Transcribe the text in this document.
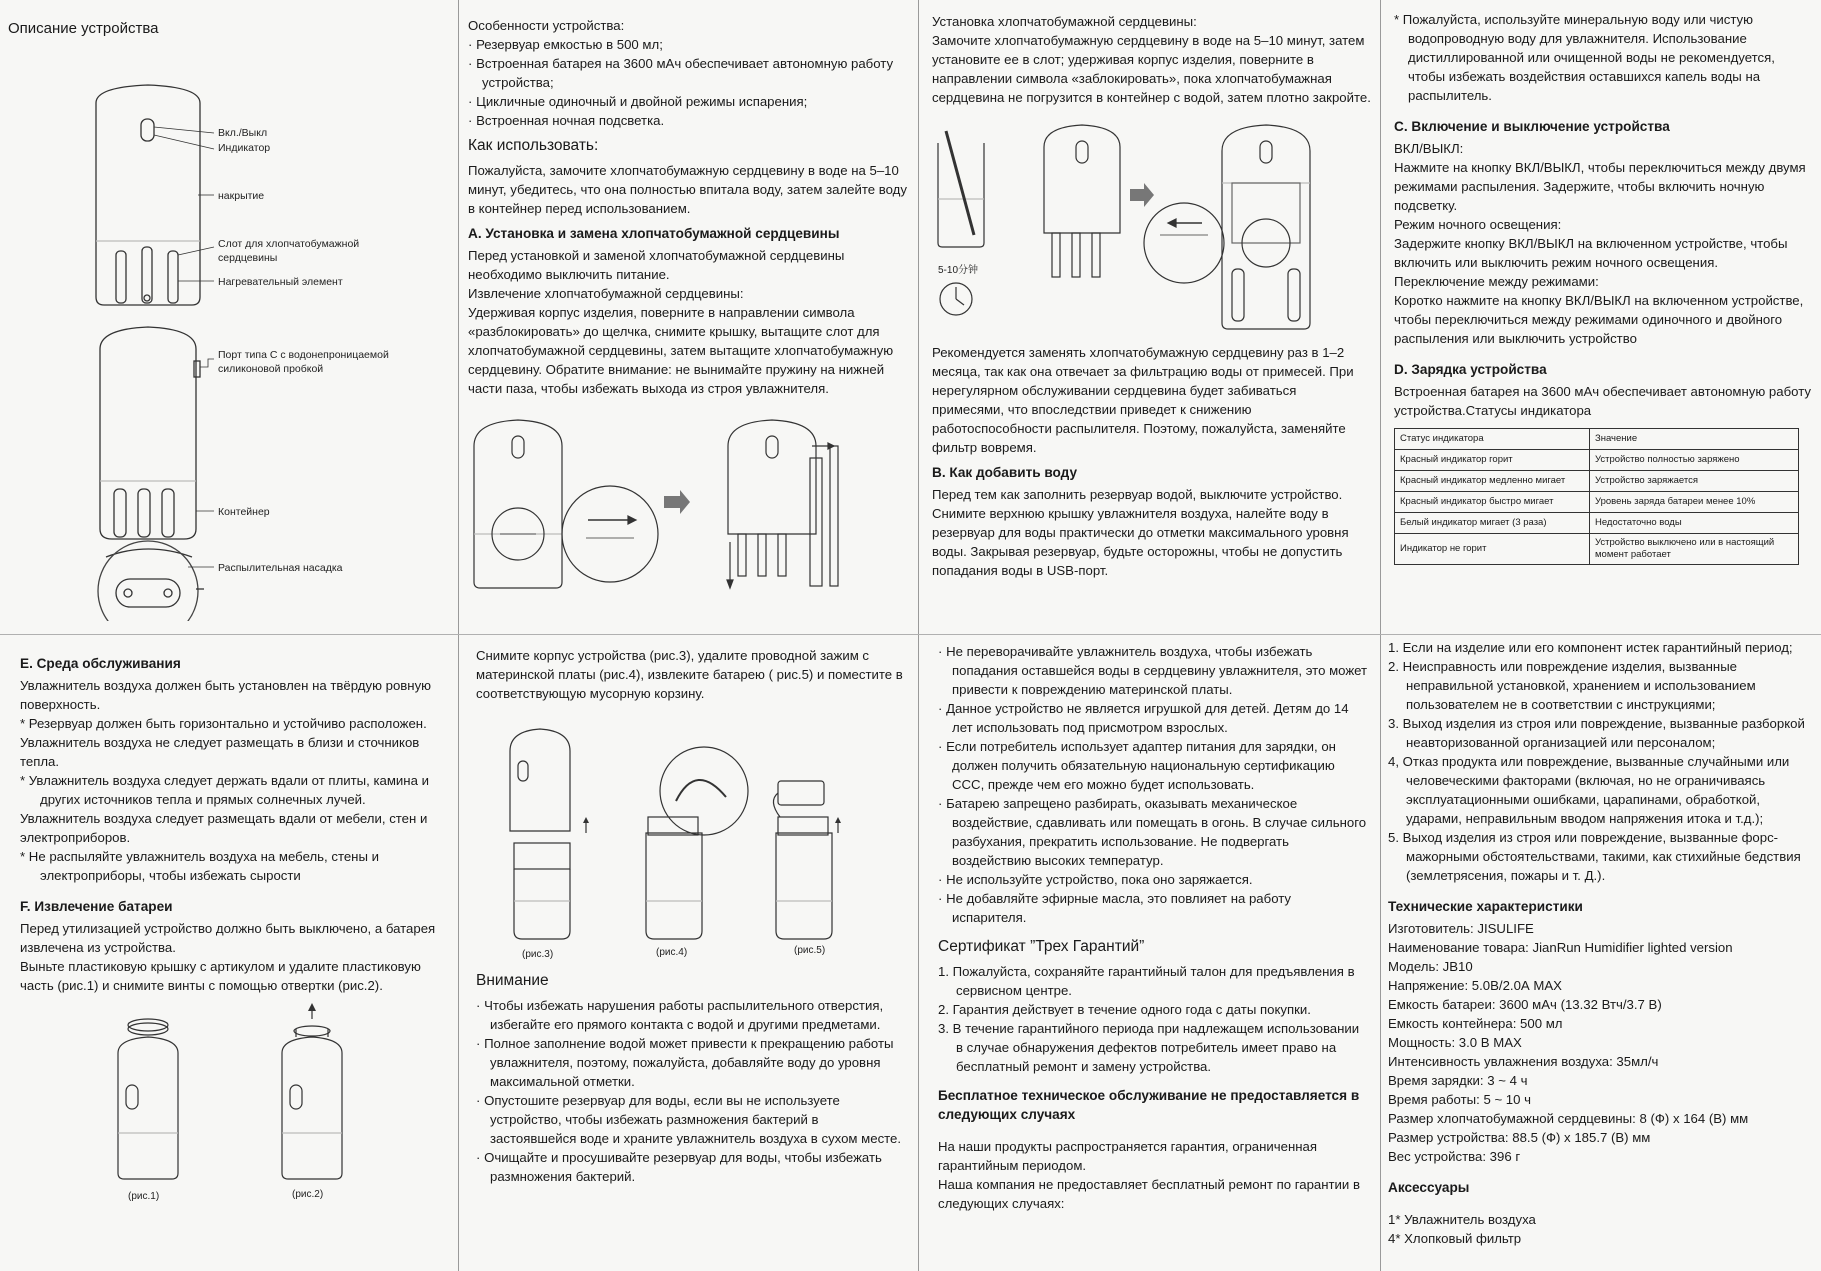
Описание устройства
Вкл./Выкл
Индикатор
накрытие
Слот для хлопчатобумажной
сердцевины
Нагревательный элемент
Порт типа С с водонепроницаемой
силиконовой пробкой
Контейнер
Распылительная насадка

Особенности устройства:

· Резервуар емкостью в 500 мл;

· Встроенная батарея на 3600 мАч обеспечивает автономную работу устройства;

· Цикличные одиночный и двойной режимы испарения;

· Встроенная ночная подсветка.

Как использовать:

Пожалуйста, замочите хлопчатобумажную сердцевину в воде на 5–10 минут, убедитесь, что она полностью впитала воду, затем залейте воду в контейнер перед использованием.

A. Установка и замена хлопчатобумажной сердцевины

Перед установкой и заменой хлопчатобумажной сердцевины необходимо выключить питание.

Извлечение хлопчатобумажной сердцевины:

Удерживая корпус изделия, поверните в направлении символа «разблокировать» до щелчка, снимите крышку, вытащите слот для хлопчатобумажной сердцевины, затем вытащите хлопчатобумажную сердцевину. Обратите внимание: не вынимайте пружину на нижней части паза, чтобы избежать выхода из строя увлажнителя.

Установка хлопчатобумажной сердцевины:

Замочите хлопчатобумажную сердцевину в воде на 5–10 минут, затем установите ее в слот; удерживая корпус изделия, поверните в направлении символа «заблокировать», пока хлопчатобумажная сердцевина не погрузится в контейнер с водой, затем плотно закройте.

5-10分钟

Рекомендуется заменять хлопчатобумажную сердцевину раз в 1–2 месяца, так как она отвечает за фильтрацию воды от примесей. При нерегулярном обслуживании сердцевина будет забиваться примесями, что впоследствии приведет к снижению работоспособности распылителя. Поэтому, пожалуйста, заменяйте фильтр вовремя.

B. Как добавить воду

Перед тем как заполнить резервуар водой, выключите устройство.

Снимите верхнюю крышку увлажнителя воздуха, налейте воду в резервуар для воды практически до отметки максимального уровня воды. Закрывая резервуар, будьте осторожны, чтобы не допустить попадания воды в USB-порт.

* Пожалуйста, используйте минеральную воду или чистую водопроводную воду для увлажнителя. Использование дистиллированной или очищенной воды не рекомендуется, чтобы избежать воздействия оставшихся капель воды на распылитель.

C. Включение и выключение устройства

ВКЛ/ВЫКЛ:

Нажмите на кнопку ВКЛ/ВЫКЛ, чтобы переключиться между двумя режимами распыления. Задержите, чтобы включить ночную подсветку.

Режим ночного освещения:

Задержите кнопку ВКЛ/ВЫКЛ на включенном устройстве, чтобы включить или выключить режим ночного освещения.

Переключение между режимами:

Коротко нажмите на кнопку ВКЛ/ВЫКЛ на включенном устройстве, чтобы переключиться между режимами одиночного и двойного распыления или выключить устройство

D. Зарядка устройства

Встроенная батарея на 3600 мАч обеспечивает автономную работу устройства.Статусы индикатора

Статус индикатора	Значение
Красный индикатор горит	Устройство полностью заряжено
Красный индикатор медленно мигает	Устройство заряжается
Красный индикатор быстро мигает	Уровень заряда батареи менее 10%
Белый индикатор мигает (3 раза)	Недостаточно воды
Индикатор не горит	Устройство выключено или в настоящий момент работает
E. Среда обслуживания

Увлажнитель воздуха должен быть установлен на твёрдую ровную поверхность.

* Резервуар должен быть горизонтально и устойчиво расположен.

Увлажнитель воздуха не следует размещать в близи и сточников тепла.

* Увлажнитель воздуха следует держать вдали от плиты, камина и других источников тепла и прямых солнечных лучей.

Увлажнитель воздуха следует размещать вдали от мебели, стен и электроприборов.

* Не распыляйте увлажнитель воздуха на мебель, стены и электроприборы, чтобы избежать сырости

F. Извлечение батареи

Перед утилизацией устройство должно быть выключено, а батарея извлечена из устройства.

Выньте пластиковую крышку с артикулом и удалите пластиковую часть (рис.1) и снимите винты с помощью отвертки (рис.2).

(рис.1)	(рис.2)

Снимите корпус устройства (рис.3), удалите проводной зажим с материнской платы (рис.4), извлеките батарею ( рис.5) и поместите в соответствующую мусорную корзину.

(рис.3)	(рис.4)	(рис.5)
Внимание

· Чтобы избежать нарушения работы распылительного отверстия, избегайте его прямого контакта с водой и другими предметами.

· Полное заполнение водой может привести к прекращению работы увлажнителя, поэтому, пожалуйста, добавляйте воду до уровня максимальной отметки.

· Опустошите резервуар для воды, если вы не используете устройство, чтобы избежать размножения бактерий в застоявшейся воде и храните увлажнитель воздуха в сухом месте.

· Очищайте и просушивайте резервуар для воды, чтобы избежать размножения бактерий.

· Не переворачивайте увлажнитель воздуха, чтобы избежать попадания оставшейся воды в сердцевину увлажнителя, это может привести к повреждению материнской платы.

· Данное устройство не является игрушкой для детей. Детям до 14 лет использовать под присмотром взрослых.

· Если потребитель использует адаптер питания для зарядки, он должен получить обязательную национальную сертификацию CCC, прежде чем его можно будет использовать.

· Батарею запрещено разбирать, оказывать механическое воздействие, сдавливать или помещать в огонь. В случае сильного разбухания, прекратить использование. Не подвергать воздействию высоких температур.

· Не используйте устройство, пока оно заряжается.

· Не добавляйте эфирные масла, это повлияет на работу испарителя.

Сертификат ”Трех Гарантий”

1. Пожалуйста, сохраняйте гарантийный талон для предъявления в сервисном центре.

2. Гарантия действует в течение одного года с даты покупки.

3. В течение гарантийного периода при надлежащем использовании в случае обнаружения дефектов потребитель имеет право на бесплатный ремонт и замену устройства.

Бесплатное техническое обслуживание не предоставляется в следующих случаях

На наши продукты распространяется гарантия, ограниченная гарантийным периодом.

Наша компания не предоставляет бесплатный ремонт по гарантии в следующих случаях:

1. Если на изделие или его компонент истек гарантийный период;

2. Неисправность или повреждение изделия, вызванные неправильной установкой, хранением и использованием пользователем не в соответствии с инструкциями;

3. Выход изделия из строя или повреждение, вызванные разборкой неавторизованной организацией или персоналом;

4, Отказ продукта или повреждение, вызванные случайными или человеческими факторами (включая, но не ограничиваясь эксплуатационными ошибками, царапинами, обработкой, ударами, неправильным вводом напряжения итока и т.д.);

5. Выход изделия из строя или повреждение, вызванные форс-мажорными обстоятельствами, такими, как стихийные бедствия (землетрясения, пожары и т. Д.).

Технические характеристики

Изготовитель: JISULIFE

Наименование товара: JianRun Humidifier lighted version

Модель: JB10

Напряжение: 5.0В/2.0А MAX

Емкость батареи: 3600 мАч (13.32 Втч/3.7 В)

Емкость контейнера: 500 мл

Мощность: 3.0 В MAX

Интенсивность увлажнения воздуха: 35мл/ч

Время зарядки: 3 ~ 4 ч

Время работы: 5 ~ 10 ч

Размер хлопчатобумажной сердцевины: 8 (Ф) х 164 (В) мм

Размер устройства: 88.5 (Ф) х 185.7 (В) мм

Вес устройства: 396 г

Аксессуары

1* Увлажнитель воздуха

4* Хлопковый фильтр
